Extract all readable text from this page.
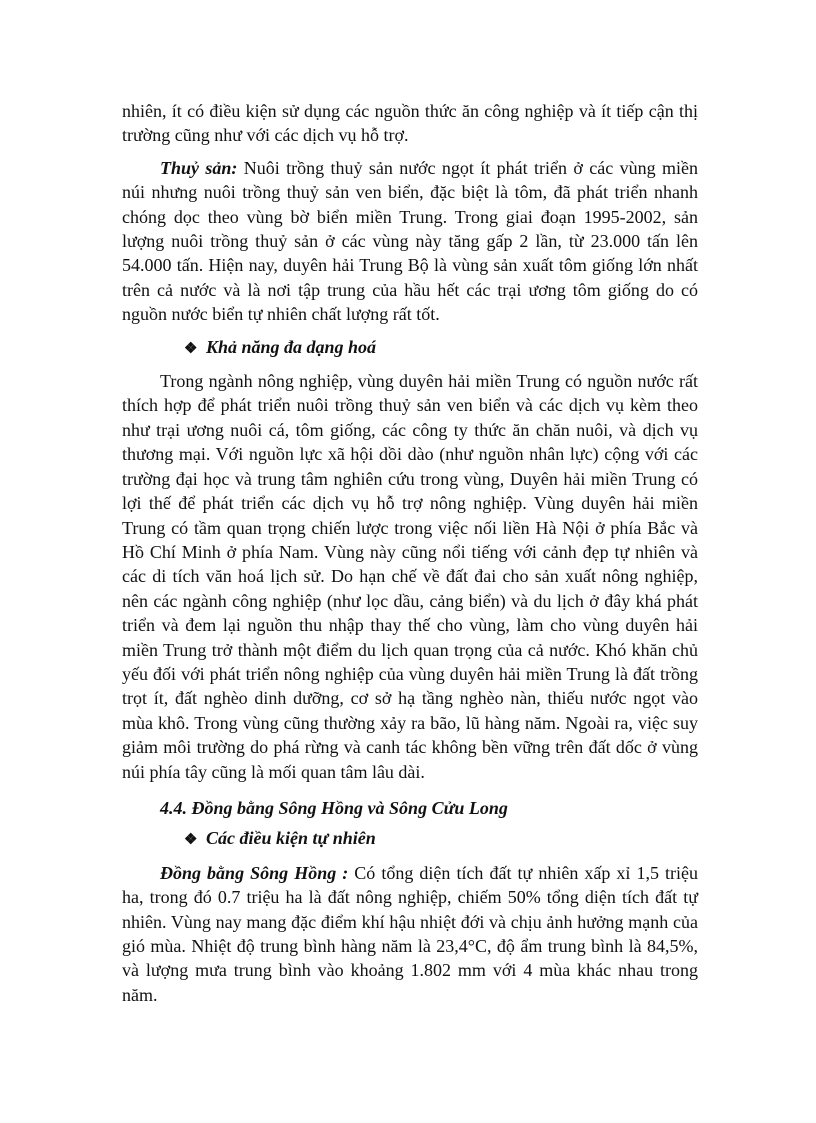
nhiên, ít có điều kiện sử dụng các nguồn thức ăn công nghiệp và ít tiếp cận thị trường cũng như với các dịch vụ hỗ trợ.

Thuỷ sản: Nuôi trồng thuỷ sản nước ngọt ít phát triển ở các vùng miền núi nhưng nuôi trồng thuỷ sản ven biển, đặc biệt là tôm, đã phát triển nhanh chóng dọc theo vùng bờ biển miền Trung. Trong giai đoạn 1995-2002, sản lượng nuôi trồng thuỷ sản ở các vùng này tăng gấp 2 lần, từ 23.000 tấn lên 54.000 tấn. Hiện nay, duyên hải Trung Bộ là vùng sản xuất tôm giống lớn nhất trên cả nước và là nơi tập trung của hầu hết các trại ương tôm giống do có nguồn nước biển tự nhiên chất lượng rất tốt.

❖ Khả năng đa dạng hoá

Trong ngành nông nghiệp, vùng duyên hải miền Trung có nguồn nước rất thích hợp để phát triển nuôi trồng thuỷ sản ven biển và các dịch vụ kèm theo như trại ương nuôi cá, tôm giống, các công ty thức ăn chăn nuôi, và dịch vụ thương mại. Với nguồn lực xã hội dồi dào (như nguồn nhân lực) cộng với các trường đại học và trung tâm nghiên cứu trong vùng, Duyên hải miền Trung có lợi thế để phát triển các dịch vụ hỗ trợ nông nghiệp. Vùng duyên hải miền Trung có tầm quan trọng chiến lược trong việc nối liền Hà Nội ở phía Bắc và Hồ Chí Minh ở phía Nam. Vùng này cũng nổi tiếng với cảnh đẹp tự nhiên và các di tích văn hoá lịch sử. Do hạn chế về đất đai cho sản xuất nông nghiệp, nên các ngành công nghiệp (như lọc dầu, cảng biển) và du lịch ở đây khá phát triển và đem lại nguồn thu nhập thay thế cho vùng, làm cho vùng duyên hải miền Trung trở thành một điểm du lịch quan trọng của cả nước. Khó khăn chủ yếu đối với phát triển nông nghiệp của vùng duyên hải miền Trung là đất trồng trọt ít, đất nghèo dinh dưỡng, cơ sở hạ tầng nghèo nàn, thiếu nước ngọt vào mùa khô. Trong vùng cũng thường xảy ra bão, lũ hàng năm. Ngoài ra, việc suy giảm môi trường do phá rừng và canh tác không bền vững trên đất dốc ở vùng núi phía tây cũng là mối quan tâm lâu dài.

4.4. Đồng bằng Sông Hồng và Sông Cửu Long
❖ Các điều kiện tự nhiên

Đồng bằng Sông Hồng : Có tổng diện tích đất tự nhiên xấp xỉ 1,5 triệu ha, trong đó 0.7 triệu ha là đất nông nghiệp, chiếm 50% tổng diện tích đất tự nhiên. Vùng nay mang đặc điểm khí hậu nhiệt đới và chịu ảnh hưởng mạnh của gió mùa. Nhiệt độ trung bình hàng năm là 23,4°C, độ ẩm trung bình là 84,5%, và lượng mưa trung bình vào khoảng 1.802 mm với 4 mùa khác nhau trong năm.
